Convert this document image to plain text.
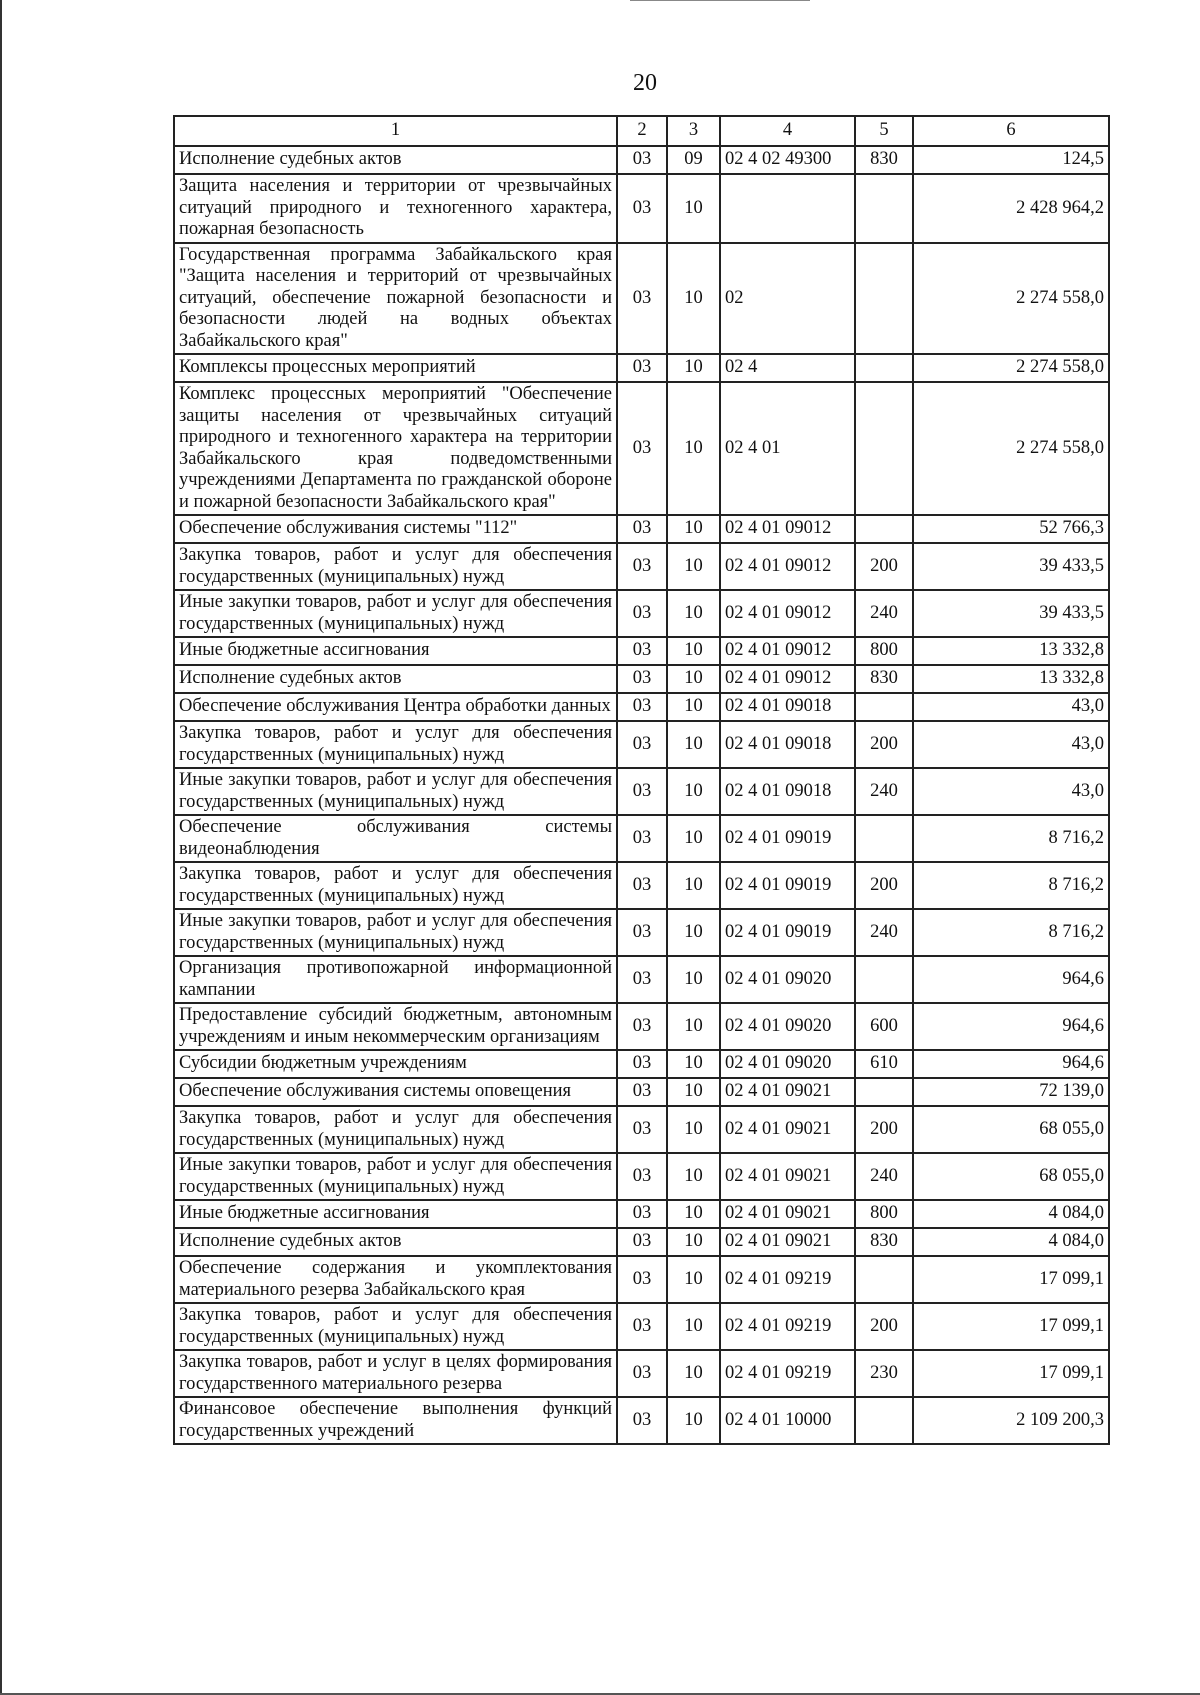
20
1	2	3	4	5	6
Исполнение судебных актов	03	09	02 4 02 49300	830	124,5
Защита населения и территории от чрезвычайных ситуаций природного и техногенного характера, пожарная безопасность	03	10			2 428 964,2
Государственная программа Забайкальского края "Защита населения и территорий от чрезвычайных ситуаций, обеспечение пожарной безопасности и безопасности людей на водных объектах Забайкальского края"	03	10	02		2 274 558,0
Комплексы процессных мероприятий	03	10	02 4		2 274 558,0
Комплекс процессных мероприятий "Обеспечение защиты населения от чрезвычайных ситуаций природного и техногенного характера на территории Забайкальского края подведомственными учреждениями Департамента по гражданской обороне и пожарной безопасности Забайкальского края"	03	10	02 4 01		2 274 558,0
Обеспечение обслуживания системы "112"	03	10	02 4 01 09012		52 766,3
Закупка товаров, работ и услуг для обеспечения государственных (муниципальных) нужд	03	10	02 4 01 09012	200	39 433,5
Иные закупки товаров, работ и услуг для обеспечения государственных (муниципальных) нужд	03	10	02 4 01 09012	240	39 433,5
Иные бюджетные ассигнования	03	10	02 4 01 09012	800	13 332,8
Исполнение судебных актов	03	10	02 4 01 09012	830	13 332,8
Обеспечение обслуживания Центра обработки данных	03	10	02 4 01 09018		43,0
Закупка товаров, работ и услуг для обеспечения государственных (муниципальных) нужд	03	10	02 4 01 09018	200	43,0
Иные закупки товаров, работ и услуг для обеспечения государственных (муниципальных) нужд	03	10	02 4 01 09018	240	43,0
Обеспечение обслуживания системы видеонаблюдения	03	10	02 4 01 09019		8 716,2
Закупка товаров, работ и услуг для обеспечения государственных (муниципальных) нужд	03	10	02 4 01 09019	200	8 716,2
Иные закупки товаров, работ и услуг для обеспечения государственных (муниципальных) нужд	03	10	02 4 01 09019	240	8 716,2
Организация противопожарной информационной кампании	03	10	02 4 01 09020		964,6
Предоставление субсидий бюджетным, автономным учреждениям и иным некоммерческим организациям	03	10	02 4 01 09020	600	964,6
Субсидии бюджетным учреждениям	03	10	02 4 01 09020	610	964,6
Обеспечение обслуживания системы оповещения	03	10	02 4 01 09021		72 139,0
Закупка товаров, работ и услуг для обеспечения государственных (муниципальных) нужд	03	10	02 4 01 09021	200	68 055,0
Иные закупки товаров, работ и услуг для обеспечения государственных (муниципальных) нужд	03	10	02 4 01 09021	240	68 055,0
Иные бюджетные ассигнования	03	10	02 4 01 09021	800	4 084,0
Исполнение судебных актов	03	10	02 4 01 09021	830	4 084,0
Обеспечение содержания и укомплектования материального резерва Забайкальского края	03	10	02 4 01 09219		17 099,1
Закупка товаров, работ и услуг для обеспечения государственных (муниципальных) нужд	03	10	02 4 01 09219	200	17 099,1
Закупка товаров, работ и услуг в целях формирования государственного материального резерва	03	10	02 4 01 09219	230	17 099,1
Финансовое обеспечение выполнения функций государственных учреждений	03	10	02 4 01 10000		2 109 200,3
